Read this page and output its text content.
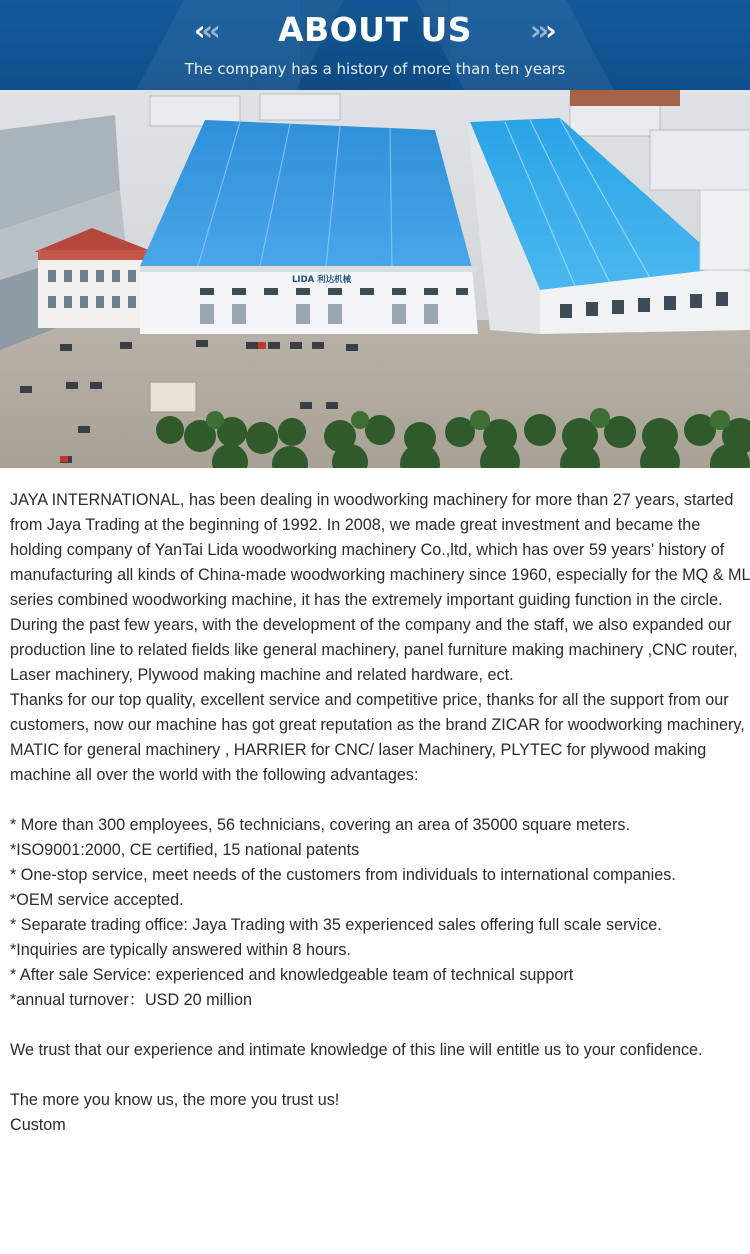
‹‹‹	ABOUT US	›››
The company has a history of more than ten years
LIDA 利达机械

JAYA INTERNATIONAL, has been dealing in woodworking machinery for more than 27 years, started from Jaya Trading at the beginning of 1992. In 2008, we made great investment and became the holding company of YanTai Lida woodworking machinery Co.,ltd, which has over 59 years' history of manufacturing all kinds of China-made woodworking machinery since 1960, especially for the MQ & ML series combined woodworking machine, it has the extremely important guiding function in the circle. During the past few years, with the development of the company and the staff, we also expanded our production line to related fields like general machinery, panel furniture making machinery ,CNC router, Laser machinery, Plywood making machine and related hardware, ect.

Thanks for our top quality, excellent service and competitive price, thanks for all the support from our customers, now our machine has got great reputation as the brand ZICAR for woodworking machinery, MATIC for general machinery , HARRIER for CNC/ laser Machinery, PLYTEC for plywood making machine all over the world with the following advantages:

* More than 300 employees, 56 technicians, covering an area of 35000 square meters.

*ISO9001:2000, CE certified, 15 national patents

* One-stop service, meet needs of the customers from individuals to international companies.

*OEM service accepted.

* Separate trading office: Jaya Trading with 35 experienced sales offering full scale service.

*Inquiries are typically answered within 8 hours.

* After sale Service: experienced and knowledgeable team of technical support

*annual turnover：USD 20 million

We trust that our experience and intimate knowledge of this line will entitle us to your confidence.

The more you know us, the more you trust us!

Custom
